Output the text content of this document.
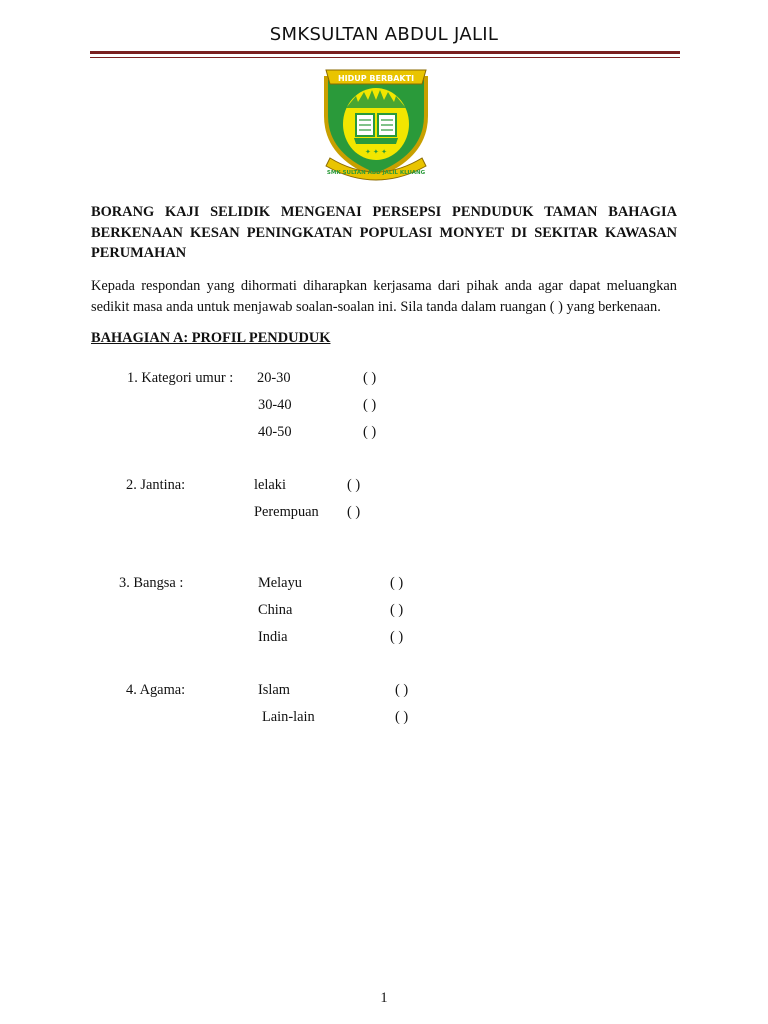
SMKSULTAN ABDUL JALIL
HIDUP BERBAKTI
✦ ✦ ✦
SMK SULTAN ABD JALIL KLUANG

BORANG KAJI SELIDIK MENGENAI PERSEPSI PENDUDUK TAMAN BAHAGIA BERKENAAN KESAN PENINGKATAN POPULASI MONYET DI SEKITAR KAWASAN PERUMAHAN

Kepada respondan yang dihormati diharapkan kerjasama dari pihak anda agar dapat meluangkan sedikit masa anda untuk menjawab soalan-soalan ini. Sila tanda dalam ruangan ( ) yang berkenaan.

BAHAGIAN A: PROFIL PENDUDUK

1. Kategori umur : 20-30	( )
30-40	( )
40-50	( )
2. Jantina:	lelaki	( )
Perempuan ( )
3. Bangsa :	Melayu	( )
China	( )
India	( )
4. Agama:	Islam	( )
Lain-lain	( )
1
